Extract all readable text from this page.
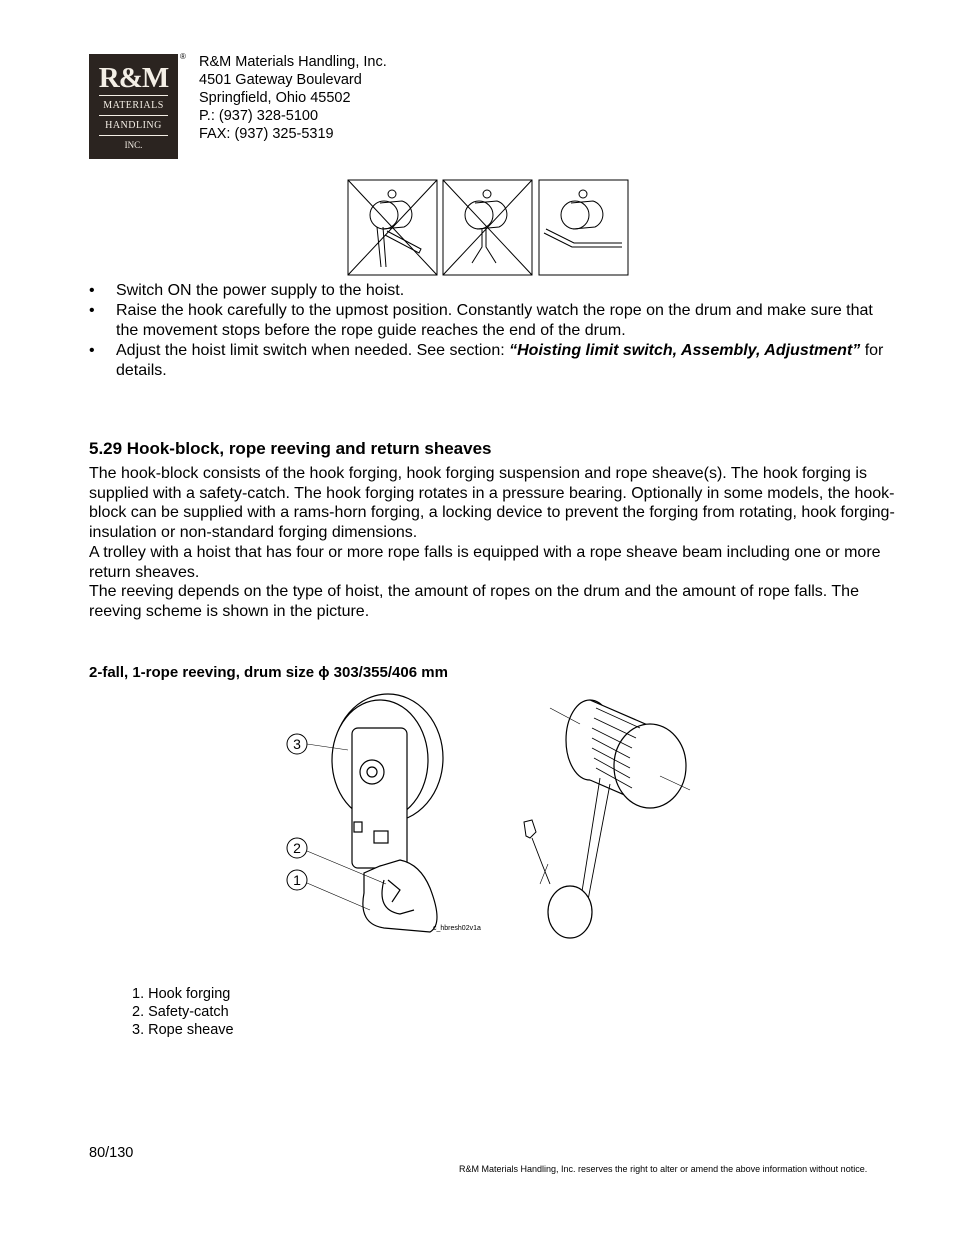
R&M
MATERIALS
HANDLING
INC.
® R&M Materials Handling, Inc.
4501 Gateway Boulevard
Springfield, Ohio 45502
P.: (937) 328-5100
FAX: (937) 325-5319
• Switch ON the power supply to the hoist.
• Raise the hook carefully to the upmost position. Constantly watch the rope on the drum and make sure that the movement stops before the rope guide reaches the end of the drum.
• Adjust the hoist limit switch when needed. See section: “Hoisting limit switch, Assembly, Adjustment” for details.
5.29 Hook-block, rope reeving and return sheaves
The hook-block consists of the hook forging, hook forging suspension and rope sheave(s). The hook forging is supplied with a safety-catch. The hook forging rotates in a pressure bearing. Optionally in some models, the hook-block can be supplied with a rams-horn forging, a locking device to prevent the forging from rotating, hook forging-insulation or non-standard forging dimensions.
A trolley with a hoist that has four or more rope falls is equipped with a rope sheave beam including one or more return sheaves.
The reeving depends on the type of hoist, the amount of ropes on the drum and the amount of rope falls. The reeving scheme is shown in the picture.
2-fall, 1-rope reeving, drum size ϕ 303/355/406 mm
3
2
1
c_hbresh02v1a
1. Hook forging
2. Safety-catch
3. Rope sheave
80/130
R&M Materials Handling, Inc. reserves the right to alter or amend the above information without notice.
